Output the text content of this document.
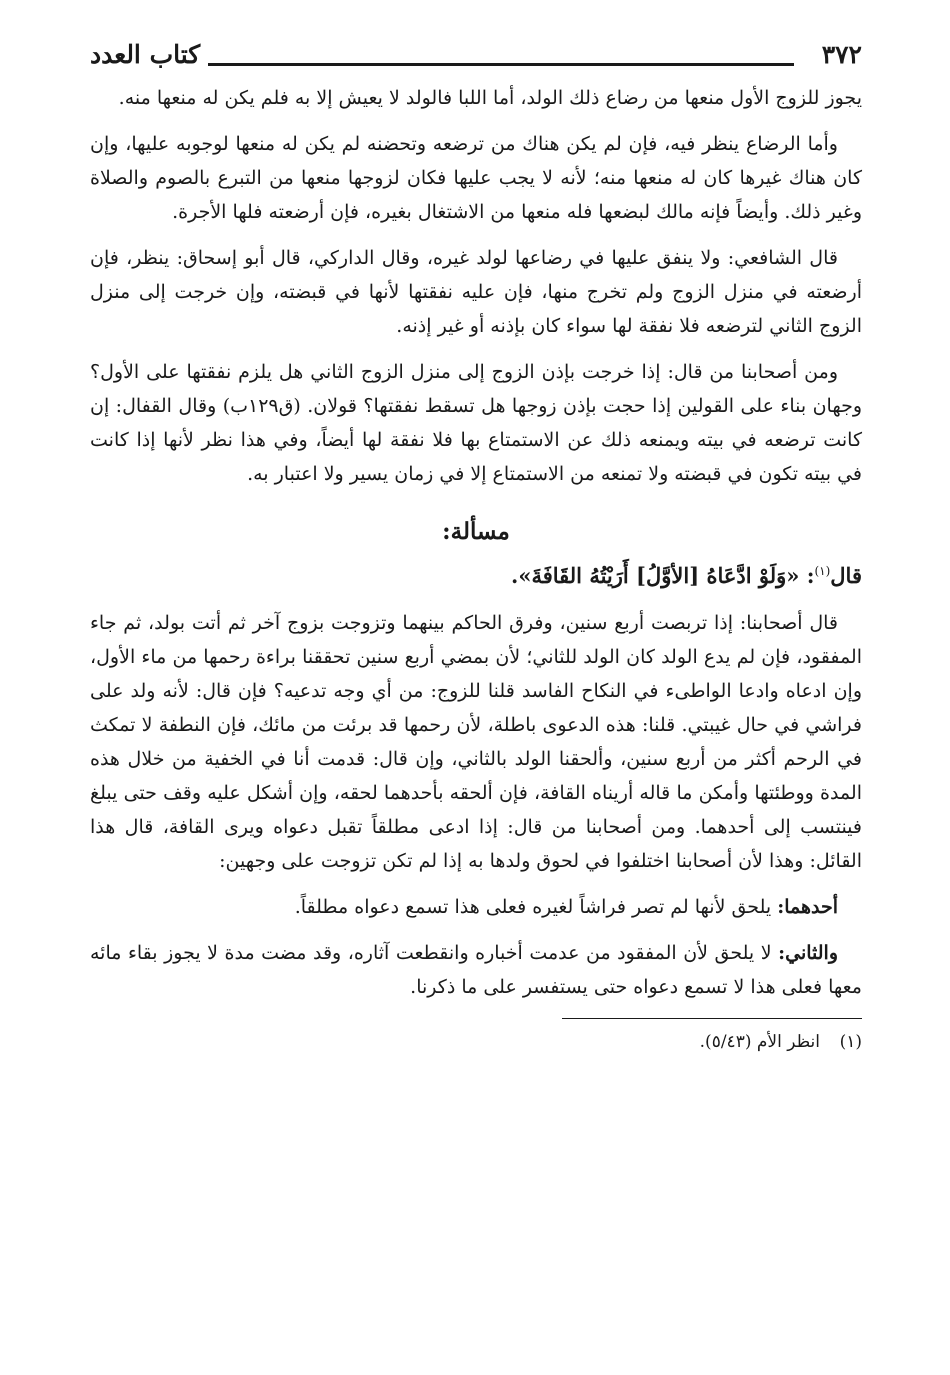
٣٧٢
كتاب العدد

يجوز للزوج الأول منعها من رضاع ذلك الولد، أما اللبا فالولد لا يعيش إلا به فلم يكن له منعها منه.

وأما الرضاع ينظر فيه، فإن لم يكن هناك من ترضعه وتحضنه لم يكن له منعها لوجوبه عليها، وإن كان هناك غيرها كان له منعها منه؛ لأنه لا يجب عليها فكان لزوجها منعها من التبرع بالصوم والصلاة وغير ذلك. وأيضاً فإنه مالك لبضعها فله منعها من الاشتغال بغيره، فإن أرضعته فلها الأجرة.

قال الشافعي: ولا ينفق عليها في رضاعها لولد غيره، وقال الداركي، قال أبو إسحاق: ينظر، فإن أرضعته في منزل الزوج ولم تخرج منها، فإن عليه نفقتها لأنها في قبضته، وإن خرجت إلى منزل الزوج الثاني لترضعه فلا نفقة لها سواء كان بإذنه أو غير إذنه.

ومن أصحابنا من قال: إذا خرجت بإذن الزوج إلى منزل الزوج الثاني هل يلزم نفقتها على الأول؟ وجهان بناء على القولين إذا حجت بإذن زوجها هل تسقط نفقتها؟ قولان. (ق١٢٩ب) وقال القفال: إن كانت ترضعه في بيته ويمنعه ذلك عن الاستمتاع بها فلا نفقة لها أيضاً، وفي هذا نظر لأنها إذا كانت في بيته تكون في قبضته ولا تمنعه من الاستمتاع إلا في زمان يسير ولا اعتبار به.

مسألة:
قال$^{(١)}$: «وَلَوْ ادَّعَاهُ [الأوَّلُ] أَرَيْتُهُ القَافَةَ».

قال أصحابنا: إذا تربصت أربع سنين، وفرق الحاكم بينهما وتزوجت بزوج آخر ثم أتت بولد، ثم جاء المفقود، فإن لم يدع الولد كان الولد للثاني؛ لأن بمضي أربع سنين تحققنا براءة رحمها من ماء الأول، وإن ادعاه وادعا الواطىء في النكاح الفاسد قلنا للزوج: من أي وجه تدعيه؟ فإن قال: لأنه ولد على فراشي في حال غيبتي. قلنا: هذه الدعوى باطلة، لأن رحمها قد برئت من مائك، فإن النطفة لا تمكث في الرحم أكثر من أربع سنين، وألحقنا الولد بالثاني، وإن قال: قدمت أنا في الخفية من خلال هذه المدة ووطئتها وأمكن ما قاله أريناه القافة، فإن ألحقه بأحدهما لحقه، وإن أشكل عليه وقف حتى يبلغ فينتسب إلى أحدهما. ومن أصحابنا من قال: إذا ادعى مطلقاً تقبل دعواه ويرى القافة، قال هذا القائل: وهذا لأن أصحابنا اختلفوا في لحوق ولدها به إذا لم تكن تزوجت على وجهين:

أحدهما: يلحق لأنها لم تصر فراشاً لغيره فعلى هذا تسمع دعواه مطلقاً.

والثاني: لا يلحق لأن المفقود من عدمت أخباره وانقطعت آثاره، وقد مضت مدة لا يجوز بقاء مائه معها فعلى هذا لا تسمع دعواه حتى يستفسر على ما ذكرنا.

(١)انظر الأم (٥/٤٣).
